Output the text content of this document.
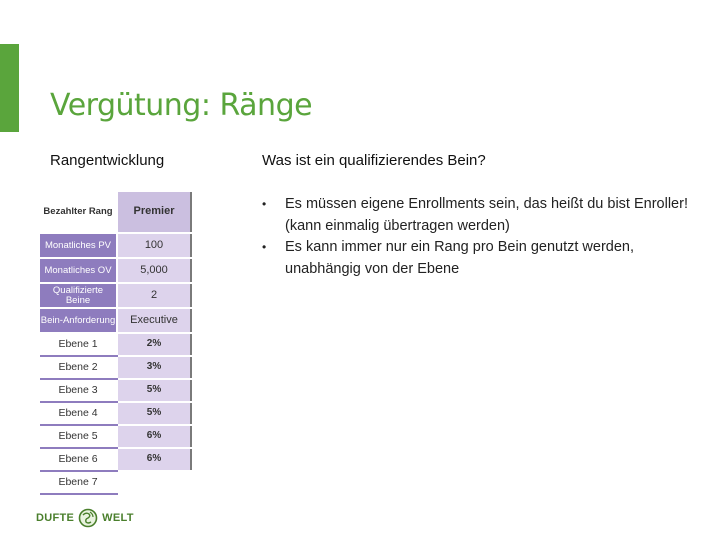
Vergütung: Ränge
Rangentwicklung	Was ist ein qualifizierendes Bein?
Bezahlter Rang	Premier
Monatliches PV	100
Monatliches OV	5,000
Qualifizierte Beine	2
Bein-Anforderung	Executive
Ebene 1	2%
Ebene 2	3%
Ebene 3	5%
Ebene 4	5%
Ebene 5	6%
Ebene 6	6%
Ebene 7	
• Es müssen eigene Enrollments sein, das heißt du bist Enroller! (kann einmalig übertragen werden)
• Es kann immer nur ein Rang pro Bein genutzt werden, unabhängig von der Ebene
DUFTE	WELT
